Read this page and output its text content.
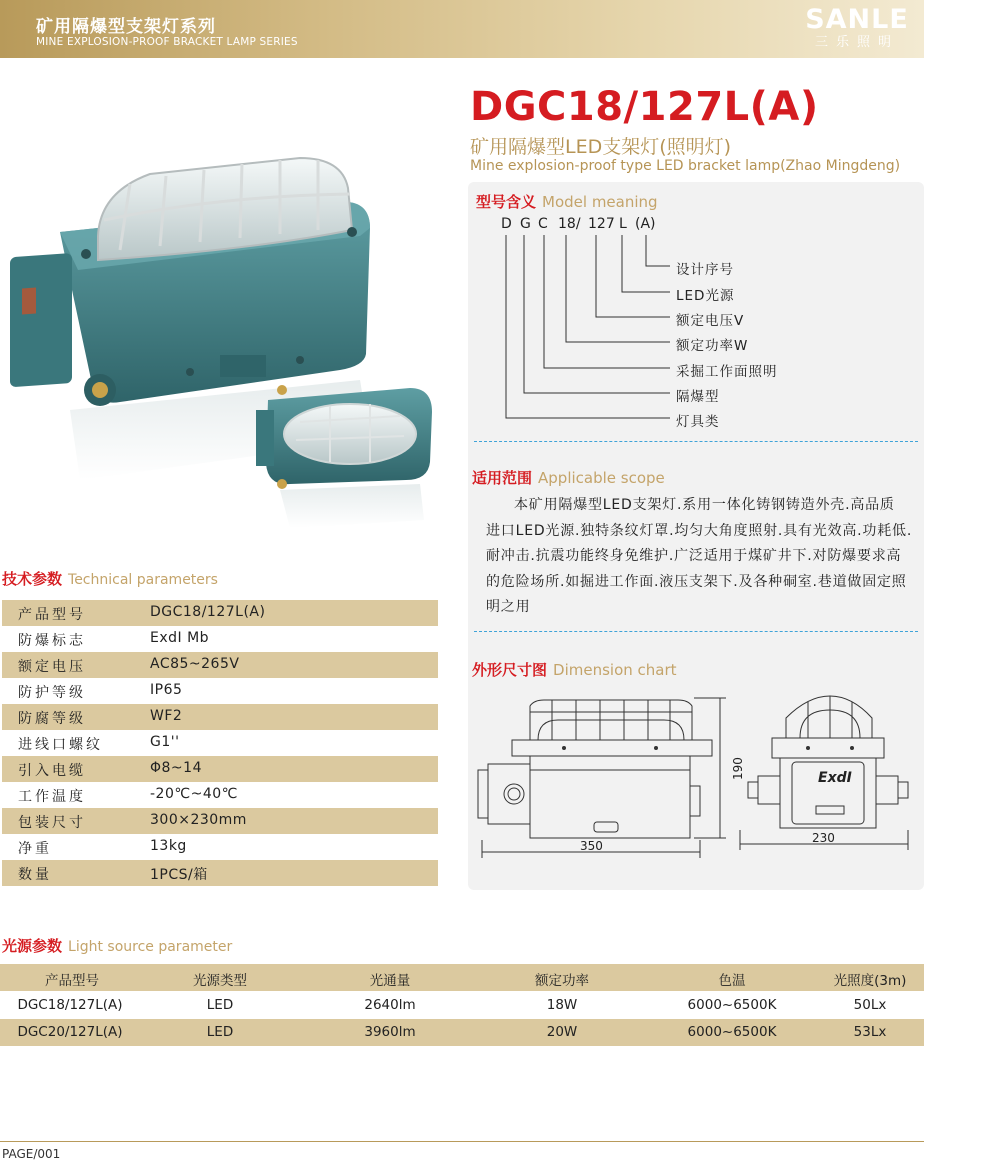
矿用隔爆型支架灯系列
MINE EXPLOSION-PROOF BRACKET LAMP SERIES
SANLE
三乐照明
DGC18/127L(A)
矿用隔爆型LED支架灯(照明灯)
Mine explosion-proof type LED bracket lamp(Zhao Mingdeng)
型号含义 Model meaning
D G C 18/ 127 L (A)
设计序号
LED光源
额定电压V
额定功率W
采掘工作面照明
隔爆型
灯具类
适用范围 Applicable scope
本矿用隔爆型LED支架灯.系用一体化铸钢铸造外壳.高品质
进口LED光源.独特条纹灯罩.均匀大角度照射.具有光效高.功耗低.
耐冲击.抗震功能终身免维护.广泛适用于煤矿井下.对防爆要求高
的危险场所.如掘进工作面.液压支架下.及各种硐室.巷道做固定照
明之用
外形尺寸图 Dimension chart
ExdI
350
190
230
技术参数 Technical parameters
产品型号	DGC18/127L(A)
防爆标志	ExdI Mb
额定电压	AC85~265V
防护等级	IP65
防腐等级	WF2
进线口螺纹	G1''
引入电缆	Φ8~14
工作温度	-20℃~40℃
包装尺寸	300×230mm
净重	13kg
数量	1PCS/箱
光源参数 Light source parameter
产品型号	光源类型	光通量	额定功率	色温	光照度(3m)
DGC18/127L(A)	LED	2640lm	18W	6000~6500K	50Lx
DGC20/127L(A)	LED	3960lm	20W	6000~6500K	53Lx
PAGE/001
